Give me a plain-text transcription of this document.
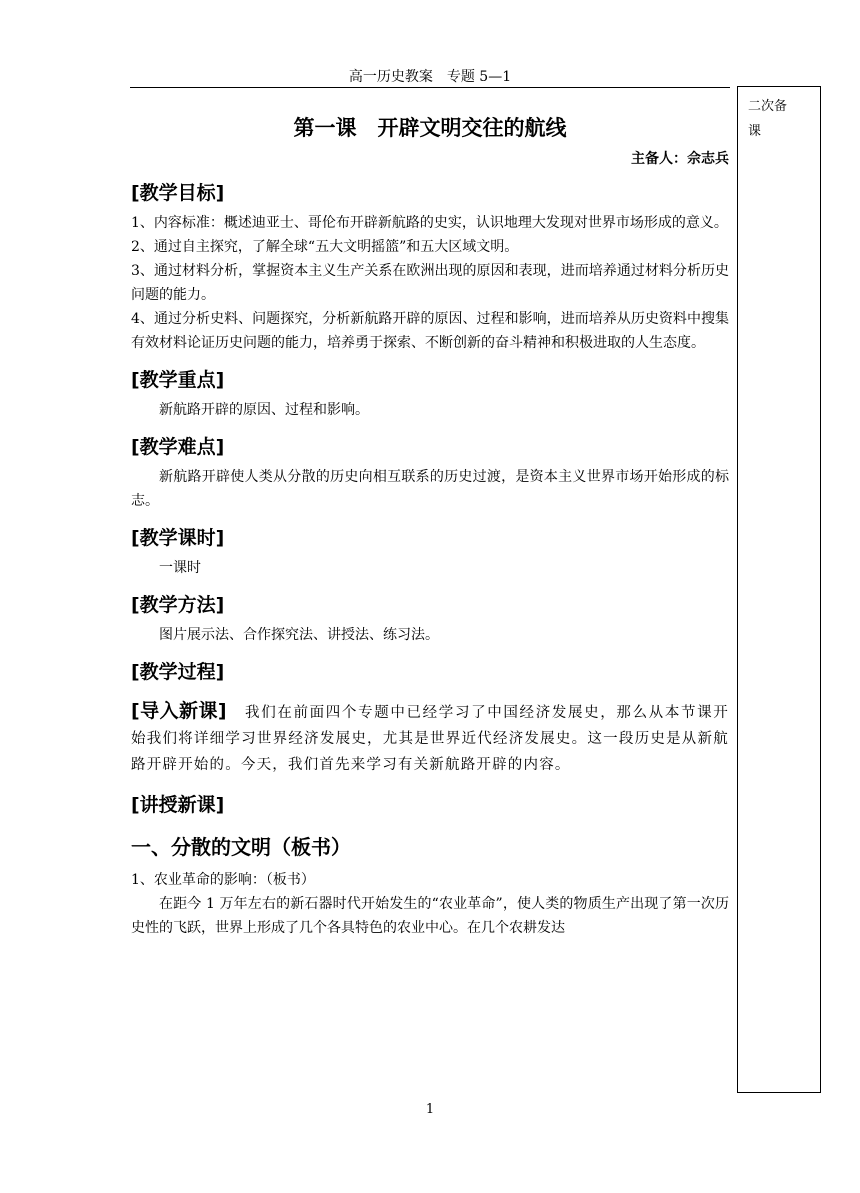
高一历史教案　专题 5—1
二次备课
第一课　开辟文明交往的航线
主备人：佘志兵
[教学目标]

1、内容标准：概述迪亚士、哥伦布开辟新航路的史实，认识地理大发现对世界市场形成的意义。

2、通过自主探究，了解全球“五大文明摇篮”和五大区域文明。

3、通过材料分析，掌握资本主义生产关系在欧洲出现的原因和表现，进而培养通过材料分析历史问题的能力。

4、通过分析史料、问题探究，分析新航路开辟的原因、过程和影响，进而培养从历史资料中搜集有效材料论证历史问题的能力，培养勇于探索、不断创新的奋斗精神和积极进取的人生态度。

[教学重点]

新航路开辟的原因、过程和影响。

[教学难点]

新航路开辟使人类从分散的历史向相互联系的历史过渡，是资本主义世界市场开始形成的标志。

[教学课时]

一课时

[教学方法]

图片展示法、合作探究法、讲授法、练习法。

[教学过程]

[导入新课] 我们在前面四个专题中已经学习了中国经济发展史，那么从本节课开始我们将详细学习世界经济发展史，尤其是世界近代经济发展史。这一段历史是从新航路开辟开始的。今天，我们首先来学习有关新航路开辟的内容。

[讲授新课]
一、分散的文明（板书）

1、农业革命的影响：（板书）

在距今 1 万年左右的新石器时代开始发生的“农业革命”，使人类的物质生产出现了第一次历史性的飞跃，世界上形成了几个各具特色的农业中心。在几个农耕发达

1
